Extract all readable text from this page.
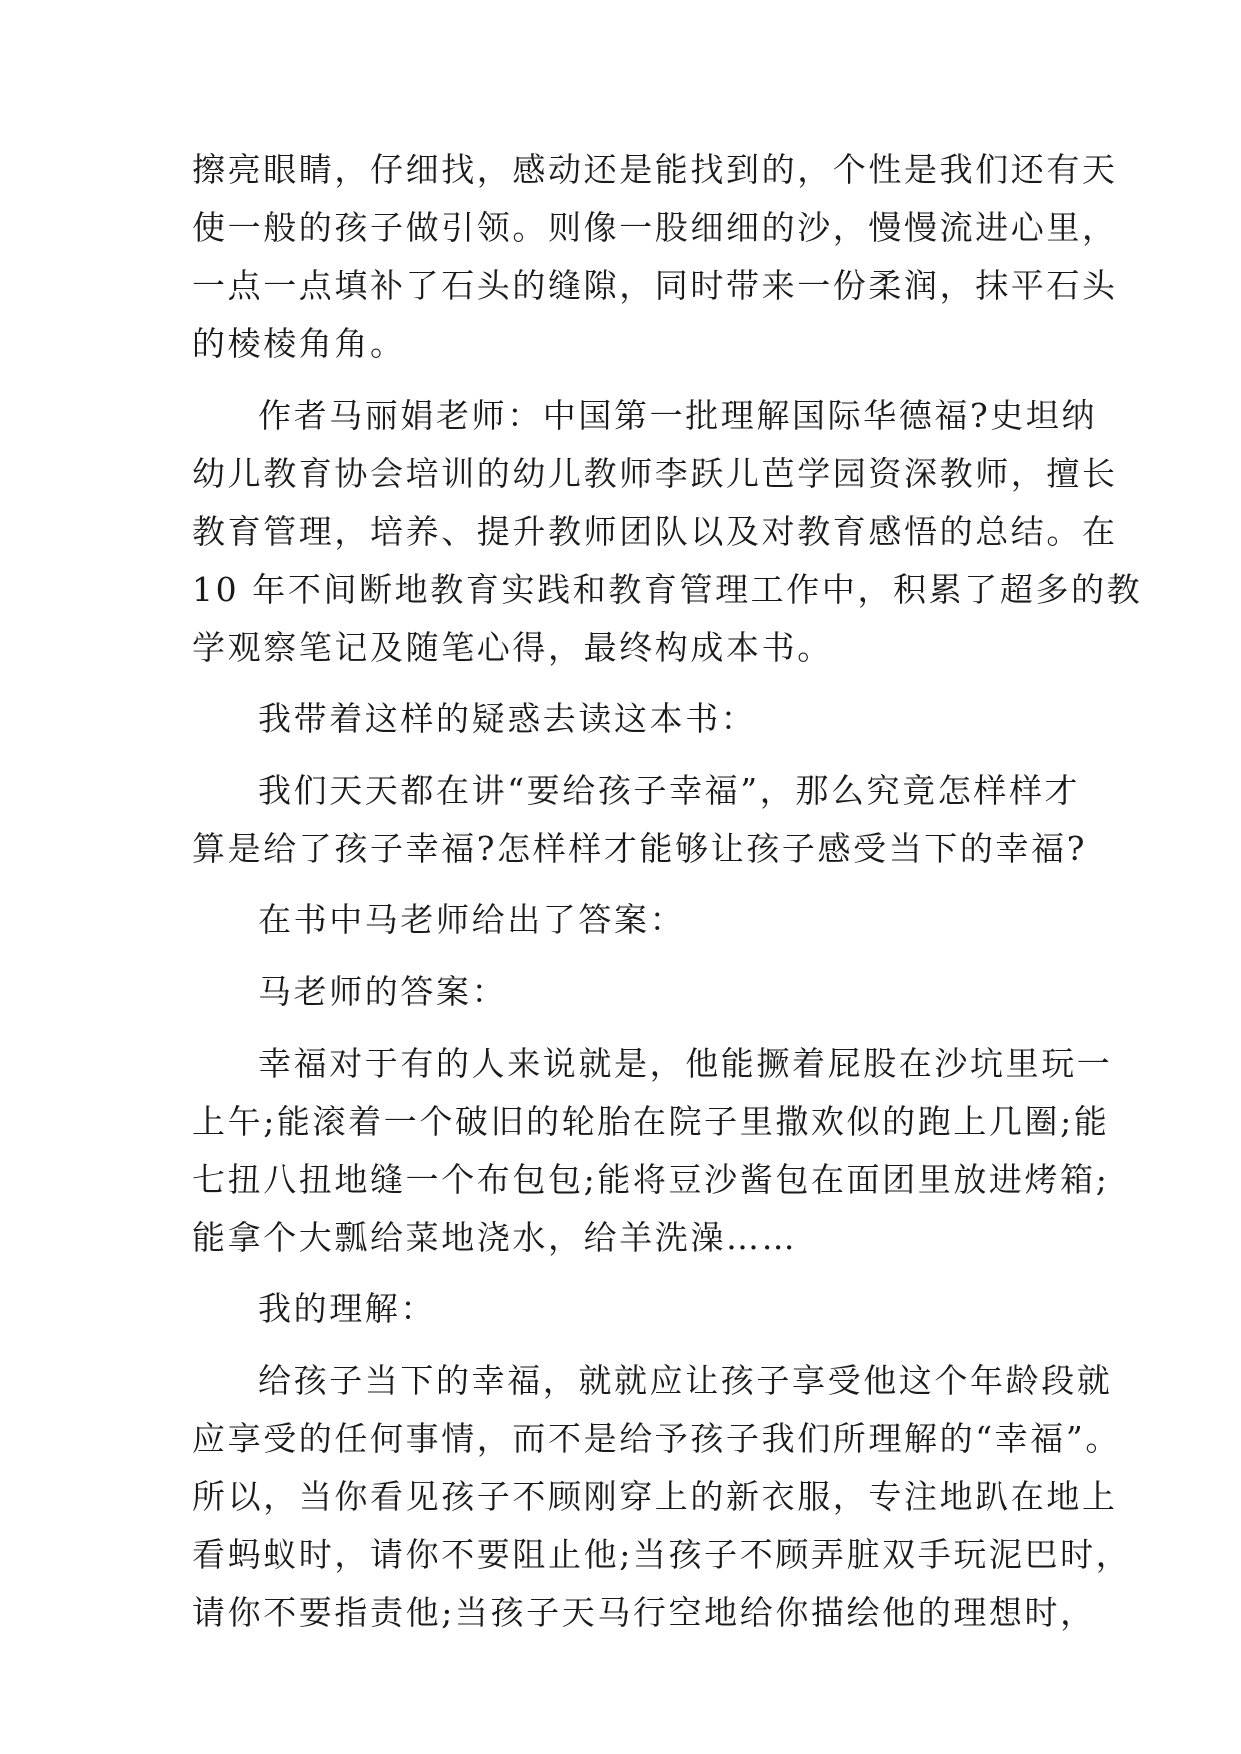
擦亮眼睛，仔细找，感动还是能找到的，个性是我们还有天
使一般的孩子做引领。则像一股细细的沙，慢慢流进心里，
一点一点填补了石头的缝隙，同时带来一份柔润，抹平石头
的棱棱角角。
作者马丽娟老师：中国第一批理解国际华德福?史坦纳
幼儿教育协会培训的幼儿教师李跃儿芭学园资深教师，擅长
教育管理，培养、提升教师团队以及对教育感悟的总结。在
10 年不间断地教育实践和教育管理工作中，积累了超多的教
学观察笔记及随笔心得，最终构成本书。
我带着这样的疑惑去读这本书：
我们天天都在讲“要给孩子幸福”，那么究竟怎样样才
算是给了孩子幸福?怎样样才能够让孩子感受当下的幸福?
在书中马老师给出了答案：
马老师的答案：
幸福对于有的人来说就是，他能撅着屁股在沙坑里玩一
上午;能滚着一个破旧的轮胎在院子里撒欢似的跑上几圈;能
七扭八扭地缝一个布包包;能将豆沙酱包在面团里放进烤箱;
能拿个大瓢给菜地浇水，给羊洗澡……
我的理解：
给孩子当下的幸福，就就应让孩子享受他这个年龄段就
应享受的任何事情，而不是给予孩子我们所理解的“幸福”。
所以，当你看见孩子不顾刚穿上的新衣服，专注地趴在地上
看蚂蚁时，请你不要阻止他;当孩子不顾弄脏双手玩泥巴时，
请你不要指责他;当孩子天马行空地给你描绘他的理想时，
